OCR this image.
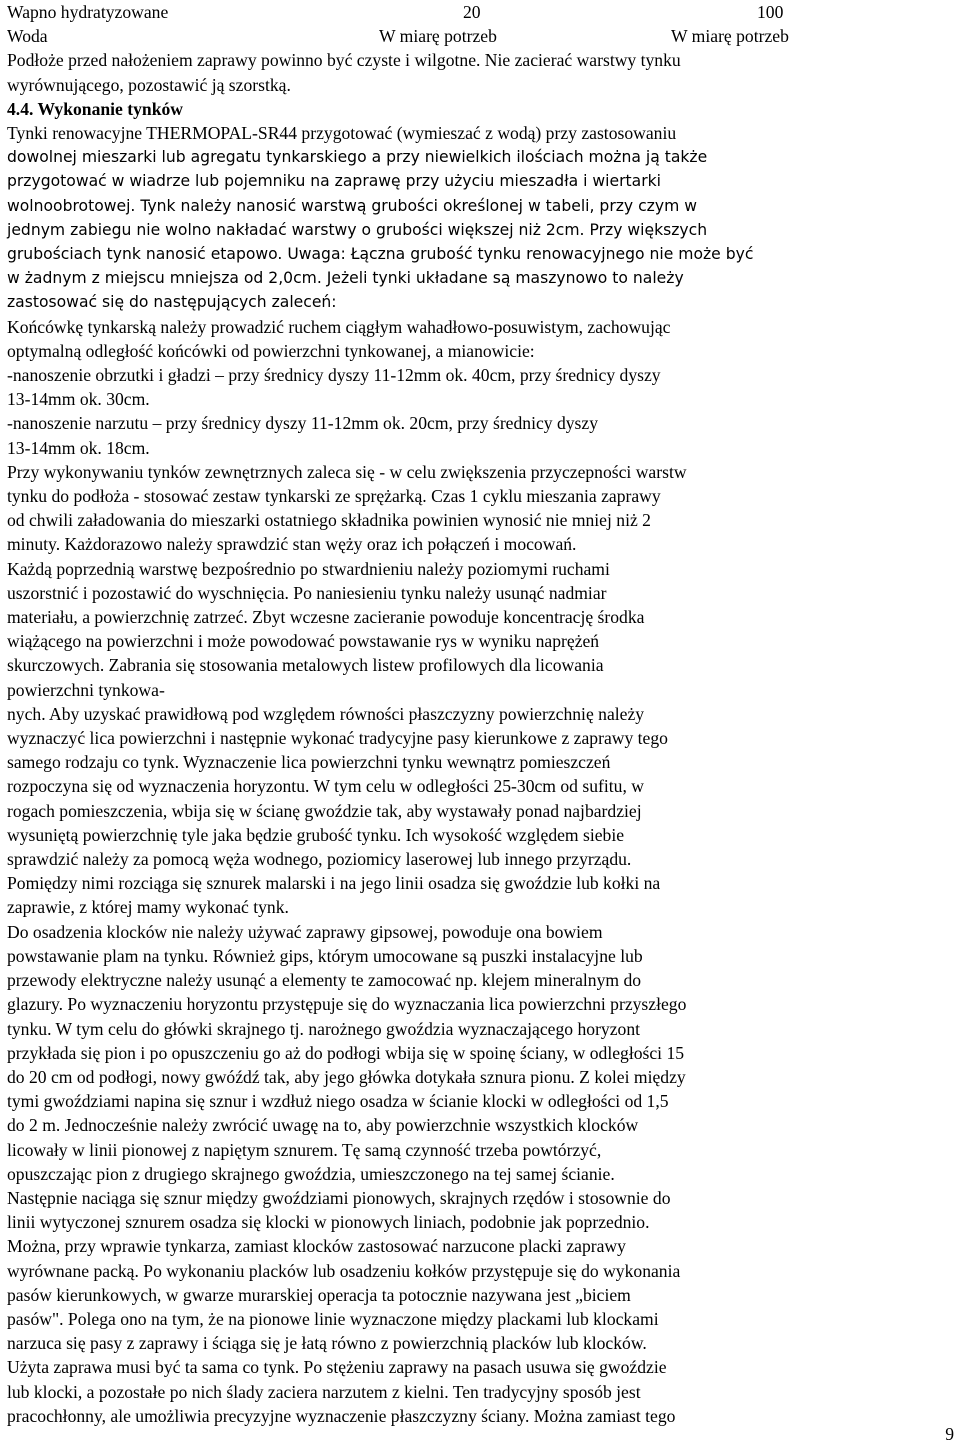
Wapno hydratyzowane	20	100
Woda	W miarę potrzeb	W miarę potrzeb
Podłoże przed nałożeniem zaprawy powinno być czyste i wilgotne. Nie zacierać warstwy tynku
wyrównującego, pozostawić ją szorstką.
4.4. Wykonanie tynków
Tynki renowacyjne THERMOPAL-SR44 przygotować (wymieszać z wodą) przy zastosowaniu
dowolnej mieszarki lub agregatu tynkarskiego a przy niewielkich ilościach można ją także
przygotować w wiadrze lub pojemniku na zaprawę przy użyciu mieszadła i wiertarki
wolnoobrotowej. Tynk należy nanosić warstwą grubości określonej w tabeli, przy czym w
jednym zabiegu nie wolno nakładać warstwy o grubości większej niż 2cm. Przy większych
grubościach tynk nanosić etapowo. Uwaga: Łączna grubość tynku renowacyjnego nie może być
w żadnym z miejscu mniejsza od 2,0cm. Jeżeli tynki układane są maszynowo to należy
zastosować się do następujących zaleceń:
Końcówkę tynkarską należy prowadzić ruchem ciągłym wahadłowo-posuwistym, zachowując
optymalną odległość końcówki od powierzchni tynkowanej, a mianowicie:
-nanoszenie obrzutki i gładzi – przy średnicy dyszy 11-12mm ok. 40cm, przy średnicy dyszy
13-14mm ok. 30cm.
-nanoszenie narzutu – przy średnicy dyszy 11-12mm ok. 20cm, przy średnicy dyszy
13-14mm ok. 18cm.
Przy wykonywaniu tynków zewnętrznych zaleca się - w celu zwiększenia przyczepności warstw
tynku do podłoża - stosować zestaw tynkarski ze sprężarką. Czas 1 cyklu mieszania zaprawy
od chwili załadowania do mieszarki ostatniego składnika powinien wynosić nie mniej niż 2
minuty. Każdorazowo należy sprawdzić stan węży oraz ich połączeń i mocowań.
Każdą poprzednią warstwę bezpośrednio po stwardnieniu należy poziomymi ruchami
uszorstnić i pozostawić do wyschnięcia. Po naniesieniu tynku należy usunąć nadmiar
materiału, a powierzchnię zatrzeć. Zbyt wczesne zacieranie powoduje koncentrację środka
wiążącego na powierzchni i może powodować powstawanie rys w wyniku naprężeń
skurczowych. Zabrania się stosowania metalowych listew profilowych dla licowania
powierzchni tynkowa-
nych. Aby uzyskać prawidłową pod względem równości płaszczyzny powierzchnię należy
wyznaczyć lica powierzchni i następnie wykonać tradycyjne pasy kierunkowe z zaprawy tego
samego rodzaju co tynk. Wyznaczenie lica powierzchni tynku wewnątrz pomieszczeń
rozpoczyna się od wyznaczenia horyzontu. W tym celu w odległości 25-30cm od sufitu, w
rogach pomieszczenia, wbija się w ścianę gwoździe tak, aby wystawały ponad najbardziej
wysuniętą powierzchnię tyle jaka będzie grubość tynku. Ich wysokość względem siebie
sprawdzić należy za pomocą węża wodnego, poziomicy laserowej lub innego przyrządu.
Pomiędzy nimi rozciąga się sznurek malarski i na jego linii osadza się gwoździe lub kołki na
zaprawie, z której mamy wykonać tynk.
Do osadzenia klocków nie należy używać zaprawy gipsowej, powoduje ona bowiem
powstawanie plam na tynku. Również gips, którym umocowane są puszki instalacyjne lub
przewody elektryczne należy usunąć a elementy te zamocować np. klejem mineralnym do
glazury. Po wyznaczeniu horyzontu przystępuje się do wyznaczania lica powierzchni przyszłego
tynku. W tym celu do główki skrajnego tj. narożnego gwoździa wyznaczającego horyzont
przykłada się pion i po opuszczeniu go aż do podłogi wbija się w spoinę ściany, w odległości 15
do 20 cm od podłogi, nowy gwóźdź tak, aby jego główka dotykała sznura pionu. Z kolei między
tymi gwoździami napina się sznur i wzdłuż niego osadza w ścianie klocki w odległości od 1,5
do 2 m. Jednocześnie należy zwrócić uwagę na to, aby powierzchnie wszystkich klocków
licowały w linii pionowej z napiętym sznurem. Tę samą czynność trzeba powtórzyć,
opuszczając pion z drugiego skrajnego gwoździa, umieszczonego na tej samej ścianie.
Następnie naciąga się sznur między gwoździami pionowych, skrajnych rzędów i stosownie do
linii wytyczonej sznurem osadza się klocki w pionowych liniach, podobnie jak poprzednio.
Można, przy wprawie tynkarza, zamiast klocków zastosować narzucone placki zaprawy
wyrównane packą. Po wykonaniu placków lub osadzeniu kołków przystępuje się do wykonania
pasów kierunkowych, w gwarze murarskiej operacja ta potocznie nazywana jest „biciem
pasów". Polega ono na tym, że na pionowe linie wyznaczone między plackami lub klockami
narzuca się pasy z zaprawy i ściąga się je łatą równo z powierzchnią placków lub klocków.
Użyta zaprawa musi być ta sama co tynk. Po stężeniu zaprawy na pasach usuwa się gwoździe
lub klocki, a pozostałe po nich ślady zaciera narzutem z kielni. Ten tradycyjny sposób jest
pracochłonny, ale umożliwia precyzyjne wyznaczenie płaszczyzny ściany. Można zamiast tego
9
